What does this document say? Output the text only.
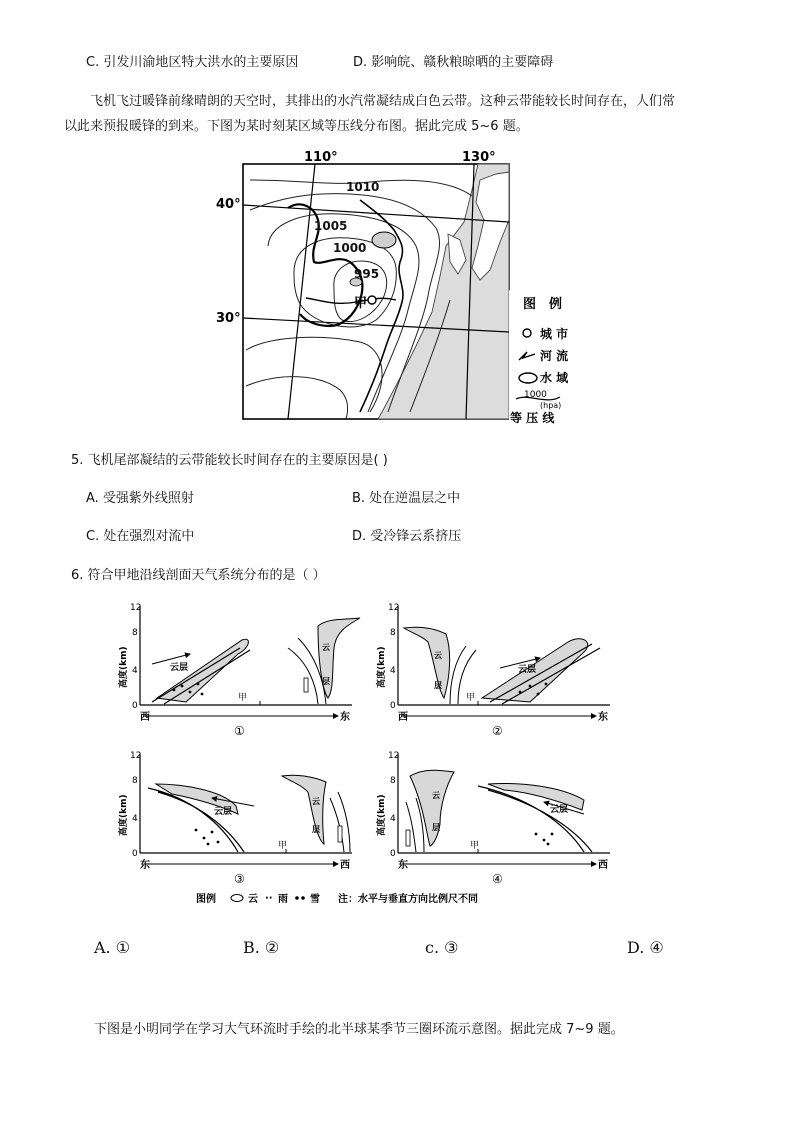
C. 引发川渝地区特大洪水的主要原因	D. 影响皖、赣秋粮晾晒的主要障碍
飞机飞过暖锋前缘晴朗的天空时，其排出的水汽常凝结成白色云带。这种云带能较长时间存在，人们常
以此来预报暖锋的到来。下图为某时刻某区域等压线分布图。据此完成 5~6 题。
甲
1010
1005
1000
995
110°	130°
40°
30°
图　例
城 市
河 流
水 域
1000
(hpa)
等 压 线
5. 飞机尾部凝结的云带能较长时间存在的主要原因是( )
A. 受强紫外线照射	B. 处在逆温层之中
C. 处在强烈对流中	D. 受冷锋云系挤压
6. 符合甲地沿线剖面天气系统分布的是（ ）
12
8
4
0
高度(km)	云层
云
层
甲
西	东
①
12
8
4
0
高度(km)	云
层
甲
云层
西	东
②
12
8
4
0
高度(km)	云层
云
层
甲
东	西
③
12
8
4
0
高度(km)	云
层
甲
云层
东	西
④
图例	云 ·· 雨 雪 注：水平与垂直方向比例尺不同
A. ①	B. ②	c. ③	D. ④
下图是小明同学在学习大气环流时手绘的北半球某季节三圈环流示意图。据此完成 7~9 题。
